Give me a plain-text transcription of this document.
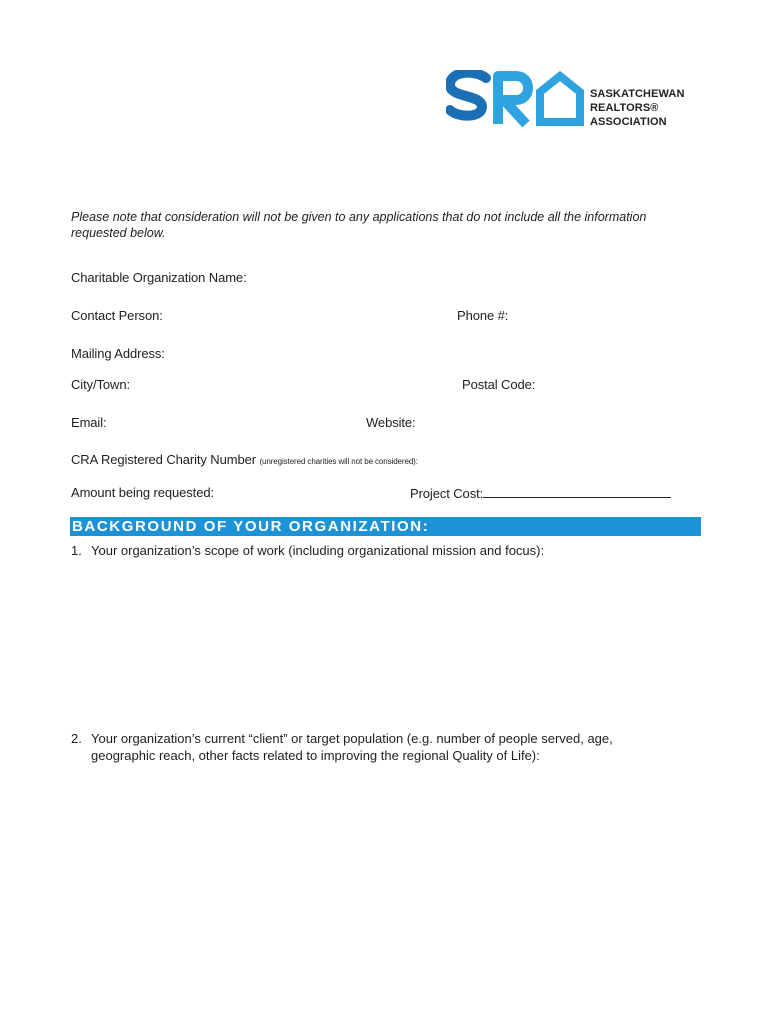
SASKATCHEWAN
REALTORS®
ASSOCIATION
Please note that consideration will not be given to any applications that do not include all the information requested below.
Charitable Organization Name:
Contact Person:	Phone #:
Mailing Address:
City/Town:	Postal Code:
Email:	Website:
CRA Registered Charity Number (unregistered charities will not be considered):
Amount being requested:	Project Cost:
BACKGROUND OF YOUR ORGANIZATION:
1. Your organization’s scope of work (including organizational mission and focus):
2. Your organization’s current “client” or target population (e.g. number of people served, age, geographic reach, other facts related to improving the regional Quality of Life):
